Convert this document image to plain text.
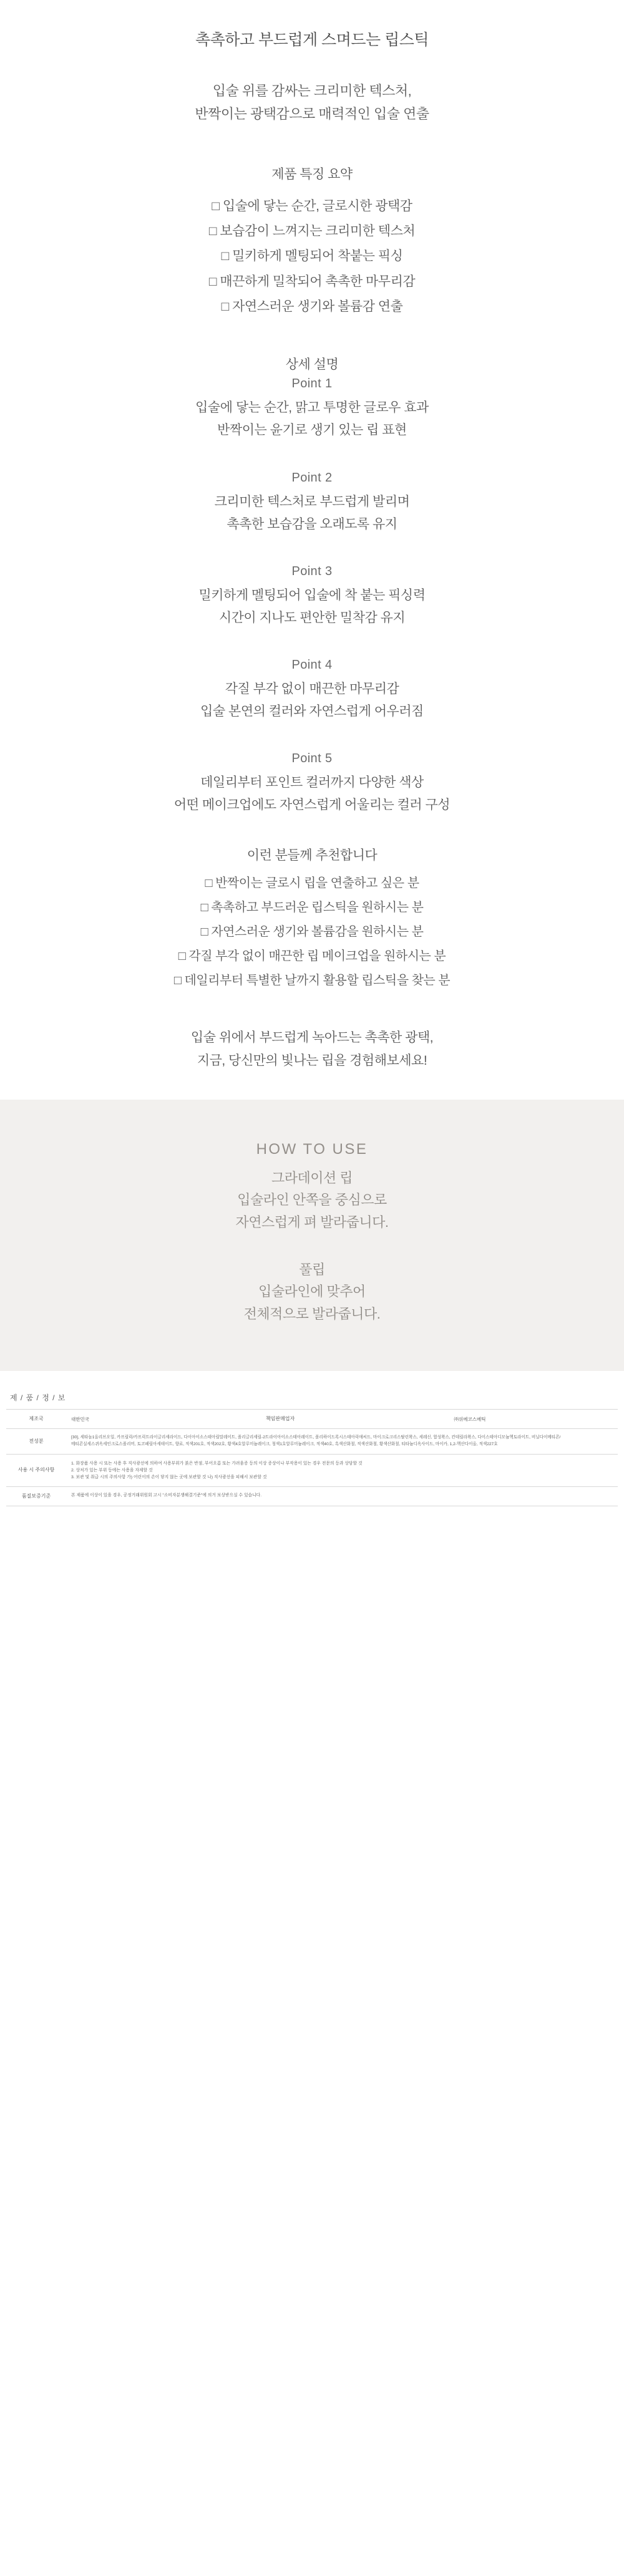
촉촉하고 부드럽게 스며드는 립스틱
입술 위를 감싸는 크리미한 텍스처,
반짝이는 광택감으로 매력적인 입술 연출
제품 특징 요약
□ 입술에 닿는 순간, 글로시한 광택감
□ 보습감이 느껴지는 크리미한 텍스처
□ 밀키하게 멜팅되어 착붙는 픽싱
□ 매끈하게 밀착되어 촉촉한 마무리감
□ 자연스러운 생기와 볼륨감 연출
상세 설명
Point 1
입술에 닿는 순간, 맑고 투명한 글로우 효과
반짝이는 윤기로 생기 있는 립 표현
Point 2
크리미한 텍스처로 부드럽게 발리며
촉촉한 보습감을 오래도록 유지
Point 3
밀키하게 멜팅되어 입술에 착 붙는 픽싱력
시간이 지나도 편안한 밀착감 유지
Point 4
각질 부각 없이 매끈한 마무리감
입술 본연의 컬러와 자연스럽게 어우러짐
Point 5
데일리부터 포인트 컬러까지 다양한 색상
어떤 메이크업에도 자연스럽게 어울리는 컬러 구성
이런 분들께 추천합니다
□ 반짝이는 글로시 립을 연출하고 싶은 분
□ 촉촉하고 부드러운 립스틱을 원하시는 분
□ 자연스러운 생기와 볼륨감을 원하시는 분
□ 각질 부각 없이 매끈한 립 메이크업을 원하시는 분
□ 데일리부터 특별한 날까지 활용할 립스틱을 찾는 분
입술 위에서 부드럽게 녹아드는 촉촉한 광택,
지금, 당신만의 빛나는 립을 경험해보세요!
HOW TO USE
그라데이션 립
입술라인 안쪽을 중심으로
자연스럽게 펴 발라줍니다.
풀립
입술라인에 맞추어
전체적으로 발라줍니다.
제 / 품 / 정 / 보
제조국	대한민국 책임판매업자 ㈜위메코스메틱

전성분	[30], 세타놀1올리브오일, 카프릴릭/카프릭트라이글리세라이드, 다이아이소스테아릴말레이트, 폴리글리세릴-2트라이아이소스테아레이트, 폴리하이드록시스테아릭애씨드, 마이크로크리스탈린왁스, 세레신, 합성왁스, 칸데릴라왁스, 다이스테아디모늄헥토라이트, 비닐다이메티콘/메티콘실세스퀴옥세인크로스폴리머, 토코페릴아세테이트, 향료, 적색201호, 적색202호, 황색4호알루미늄레이크, 청색1호알루미늄레이크, 적색40호, 흑색산화철, 적색산화철, 황색산화철, 티타늄디옥사이드, 마이카, 1,2-헥산다이올, 적색227호

사용 시 주의사항	1. 화장품 사용 시 또는 사용 후 직사광선에 의하여 사용부위가 붉은 반점, 부어오름 또는 가려움증 등의 이상 증상이나 부작용이 있는 경우 전문의 등과 상담할 것
2. 상처가 있는 부위 등에는 사용을 자제할 것
3. 보관 및 취급 시의 주의사항 가) 어린이의 손이 닿지 않는 곳에 보관할 것 나) 직사광선을 피해서 보관할 것

품질보증기준	본 제품에 이상이 있을 경우, 공정거래위원회 고시 "소비자분쟁해결기준"에 의거 보상받으실 수 있습니다.
